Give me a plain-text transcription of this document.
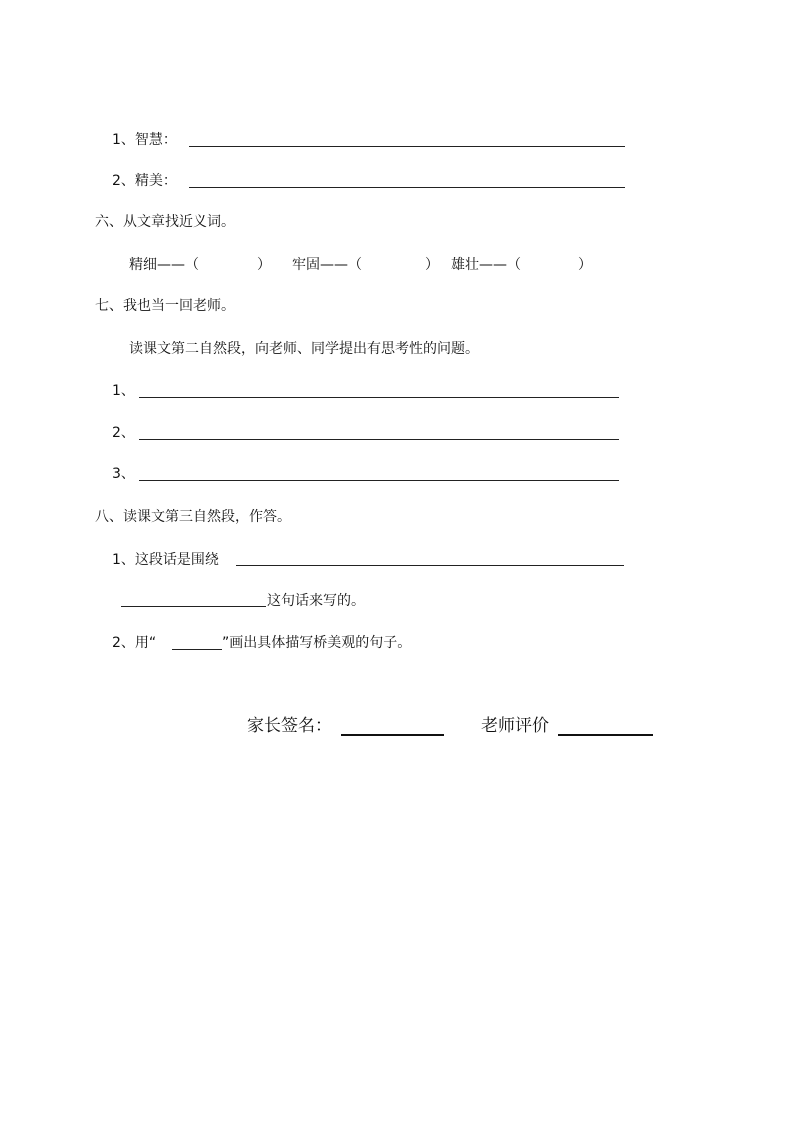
1、智慧：
2、精美：
六、从文章找近义词。
精细——（	） 牢固——（	） 雄壮——（	）
七、我也当一回老师。
读课文第二自然段，向老师、同学提出有思考性的问题。
1、
2、
3、
八、读课文第三自然段，作答。
1、这段话是围绕
这句话来写的。
2、用“	”画出具体描写桥美观的句子。
家长签名：	老师评价
